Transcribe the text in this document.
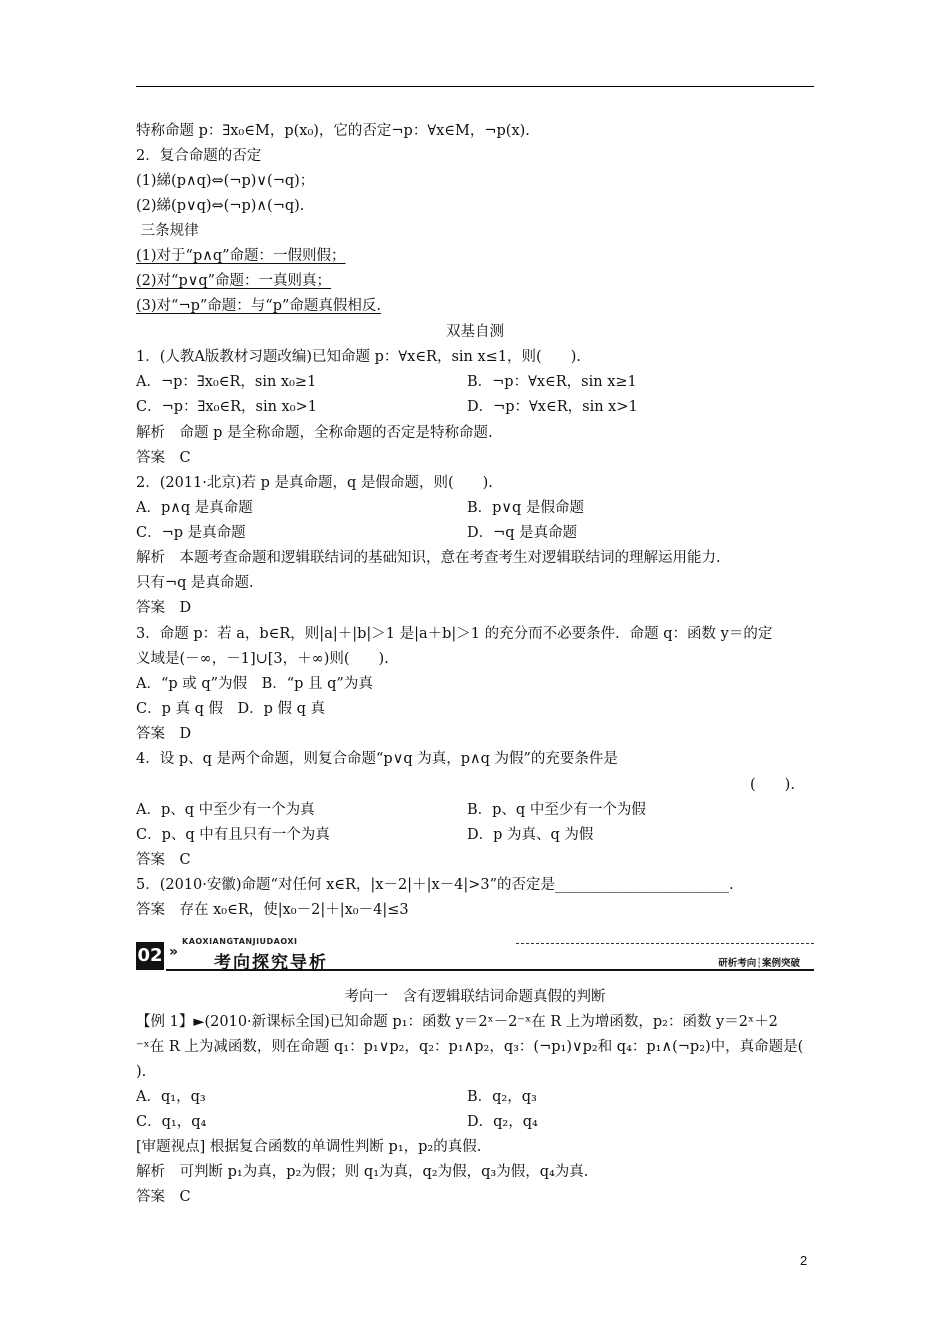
特称命题 p：∃x₀∈M，p(x₀)，它的否定¬p：∀x∈M，¬p(x).
2．复合命题的否定
(1)綈(p∧q)⇔(¬p)∨(¬q)；
(2)綈(p∨q)⇔(¬p)∧(¬q).
三条规律
(1)对于“p∧q”命题：一假则假；
(2)对“p∨q”命题：一真则真；
(3)对“¬p”命题：与“p”命题真假相反.
双基自测
1．(人教A版教材习题改编)已知命题 p：∀x∈R，sin x≤1，则(　　).
A．¬p：∃x₀∈R，sin x₀≥1	B．¬p：∀x∈R，sin x≥1
C．¬p：∃x₀∈R，sin x₀>1	D．¬p：∀x∈R，sin x>1
解析　命题 p 是全称命题，全称命题的否定是特称命题.
答案　C
2．(2011·北京)若 p 是真命题，q 是假命题，则(　　).
A．p∧q 是真命题	B．p∨q 是假命题
C．¬p 是真命题	D．¬q 是真命题
解析　本题考查命题和逻辑联结词的基础知识，意在考查考生对逻辑联结词的理解运用能力.
只有¬q 是真命题.
答案　D
3．命题 p：若 a，b∈R，则|a|＋|b|＞1 是|a＋b|＞1 的充分而不必要条件．命题 q：函数 y＝的定
义域是(－∞，－1]∪[3，＋∞)则(　　).
A．“p 或 q”为假　B．“p 且 q”为真
C．p 真 q 假　D．p 假 q 真
答案　D
4．设 p、q 是两个命题，则复合命题“p∨q 为真，p∧q 为假”的充要条件是
(　　).
A．p、q 中至少有一个为真	B．p、q 中至少有一个为假
C．p、q 中有且只有一个为真	D．p 为真、q 为假
答案　C
5．(2010·安徽)命题“对任何 x∈R，|x－2|＋|x－4|>3”的否定是________________________.
答案　存在 x₀∈R，使|x₀－2|＋|x₀－4|≤3
02 »
KAOXIANGTANJIUDAOXI
考向探究导析	研析考向┆案例突破
考向一　含有逻辑联结词命题真假的判断
【例 1】►(2010·新课标全国)已知命题 p₁：函数 y＝2ˣ－2⁻ˣ在 R 上为增函数，p₂：函数 y＝2ˣ＋2
⁻ˣ在 R 上为减函数，则在命题 q₁：p₁∨p₂，q₂：p₁∧p₂，q₃：(¬p₁)∨p₂和 q₄：p₁∧(¬p₂)中，真命题是(
).
A．q₁，q₃	B．q₂，q₃
C．q₁，q₄	D．q₂，q₄
[审题视点] 根据复合函数的单调性判断 p₁，p₂的真假.
解析　可判断 p₁为真，p₂为假；则 q₁为真，q₂为假，q₃为假，q₄为真.
答案　C
2
